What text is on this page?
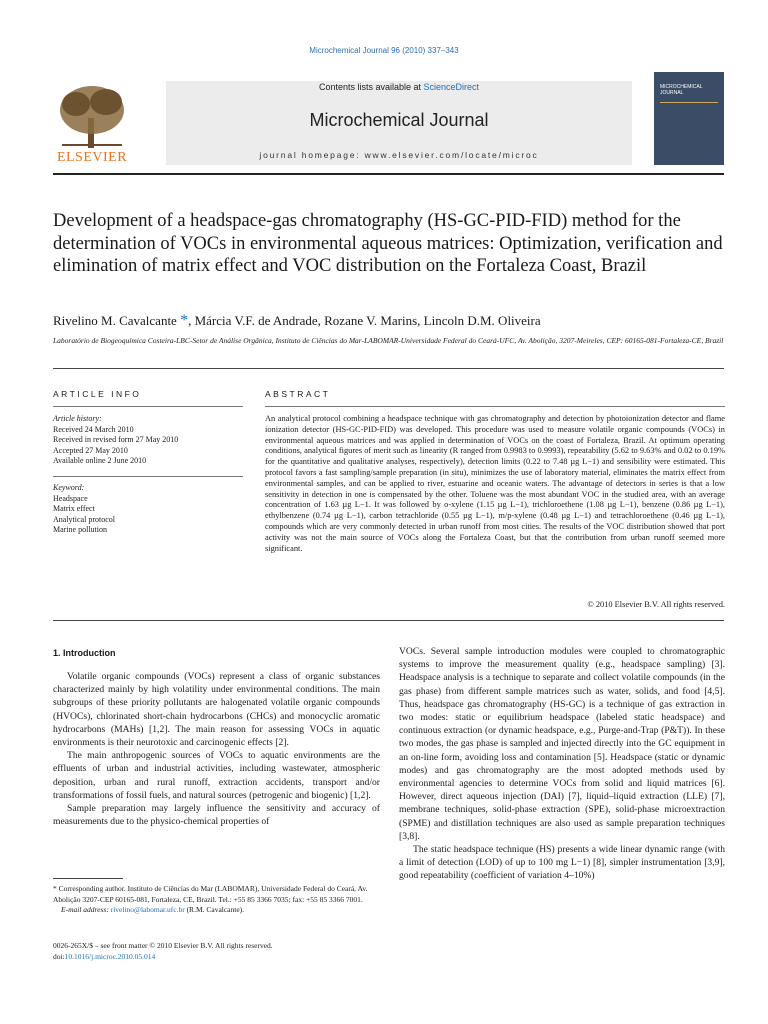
Microchemical Journal 96 (2010) 337–343
ELSEVIER
Contents lists available at ScienceDirect
Microchemical Journal
journal homepage: www.elsevier.com/locate/microc
MICROCHEMICAL JOURNAL
Development of a headspace-gas chromatography (HS-GC-PID-FID) method for the determination of VOCs in environmental aqueous matrices: Optimization, verification and elimination of matrix effect and VOC distribution on the Fortaleza Coast, Brazil
Rivelino M. Cavalcante *, Márcia V.F. de Andrade, Rozane V. Marins, Lincoln D.M. Oliveira
Laboratório de Biogeoquímica Costeira-LBC-Setor de Análise Orgânica, Instituto de Ciências do Mar-LABOMAR-Universidade Federal do Ceará-UFC, Av. Abolição, 3207-Meireles, CEP: 60165-081-Fortaleza-CE, Brazil
ARTICLE INFO
Article history:
Received 24 March 2010
Received in revised form 27 May 2010
Accepted 27 May 2010
Available online 2 June 2010
Keyword:
Headspace
Matrix effect
Analytical protocol
Marine pollution
ABSTRACT
An analytical protocol combining a headspace technique with gas chromatography and detection by photoionization detector and flame ionization detector (HS-GC-PID-FID) was developed. This procedure was used to measure volatile organic compounds (VOCs) in environmental aqueous matrices and was applied in determination of VOCs on the coast of Fortaleza, Brazil. At optimum operating conditions, analytical figures of merit such as linearity (R ranged from 0.9983 to 0.9993), repeatability (5.62 to 9.63% and 0.02 to 0.19% for the quantitative and qualitative analyses, respectively), detection limits (0.22 to 7.48 µg L−1) and sensibility were estimated. This protocol favors a fast sampling/sample preparation (in situ), minimizes the use of laboratory material, eliminates the matrix effect from environmental samples, and can be applied to river, estuarine and oceanic waters. The advantage of detectors in series is that a low sensitivity in detection in one is compensated by the other. Toluene was the most abundant VOC in the studied area, with an average concentration of 1.63 µg L−1. It was followed by o-xylene (1.15 µg L−1), trichloroethene (1.08 µg L−1), benzene (0.86 µg L−1), ethylbenzene (0.74 µg L−1), carbon tetrachloride (0.55 µg L−1), m/p-xylene (0.48 µg L−1) and tetrachloroethene (0.46 µg L−1), compounds which are very commonly detected in urban runoff from most cities. The results of the VOC distribution showed that port activity was not the main source of VOCs along the Fortaleza Coast, but that the contribution from urban runoff seemed more significant.
© 2010 Elsevier B.V. All rights reserved.
1. Introduction

Volatile organic compounds (VOCs) represent a class of organic substances characterized mainly by high volatility under environmental conditions. The main subgroups of these priority pollutants are halogenated volatile organic compounds (HVOCs), chlorinated short-chain hydrocarbons (CHCs) and monocyclic aromatic hydrocarbons (MAHs) [1,2]. The main reason for assessing VOCs in aquatic environments is their neurotoxic and carcinogenic effects [2].

The main anthropogenic sources of VOCs to aquatic environments are the effluents of urban and industrial activities, including wastewater, atmospheric deposition, urban and rural runoff, extraction accidents, transport and/or transformations of fossil fuels, and natural sources (petrogenic and biogenic) [1,2].

Sample preparation may largely influence the sensitivity and accuracy of measurements due to the physico-chemical properties of

VOCs. Several sample introduction modules were coupled to chromatographic systems to improve the measurement quality (e.g., headspace sampling) [3]. Headspace analysis is a technique to separate and collect volatile compounds (in the gas phase) from different sample matrices such as water, solids, and food [4,5]. Thus, headspace gas chromatography (HS-GC) is a technique of gas extraction in two modes: static or equilibrium headspace (labeled static headspace) and continuous extraction (or dynamic headspace, e.g., Purge-and-Trap (P&T)). In these two modes, the gas phase is sampled and injected directly into the GC equipment in an on-line form, avoiding loss and contamination [5]. Headspace (static or dynamic modes) and gas chromatography are the most adopted methods used by environmental agencies to determine VOCs from solid and liquid matrices [6]. However, direct aqueous injection (DAI) [7], liquid–liquid extraction (LLE) [7], membrane techniques, solid-phase extraction (SPE), solid-phase microextraction (SPME) and distillation techniques are also used as sample preparation techniques [3,8].

The static headspace technique (HS) presents a wide linear dynamic range (with a limit of detection (LOD) of up to 100 mg L−1) [8], simpler instrumentation [3,9], good repeatability (coefficient of variation 4–10%)

* Corresponding author. Instituto de Ciências do Mar (LABOMAR), Universidade Federal do Ceará, Av. Abolição 3207-CEP 60165-081, Fortaleza, CE, Brazil. Tel.: +55 85 3366 7035; fax: +55 85 3366 7001.
E-mail address: rivelino@labomar.ufc.br (R.M. Cavalcante).
0026-265X/$ – see front matter © 2010 Elsevier B.V. All rights reserved.
doi:10.1016/j.microc.2010.05.014
